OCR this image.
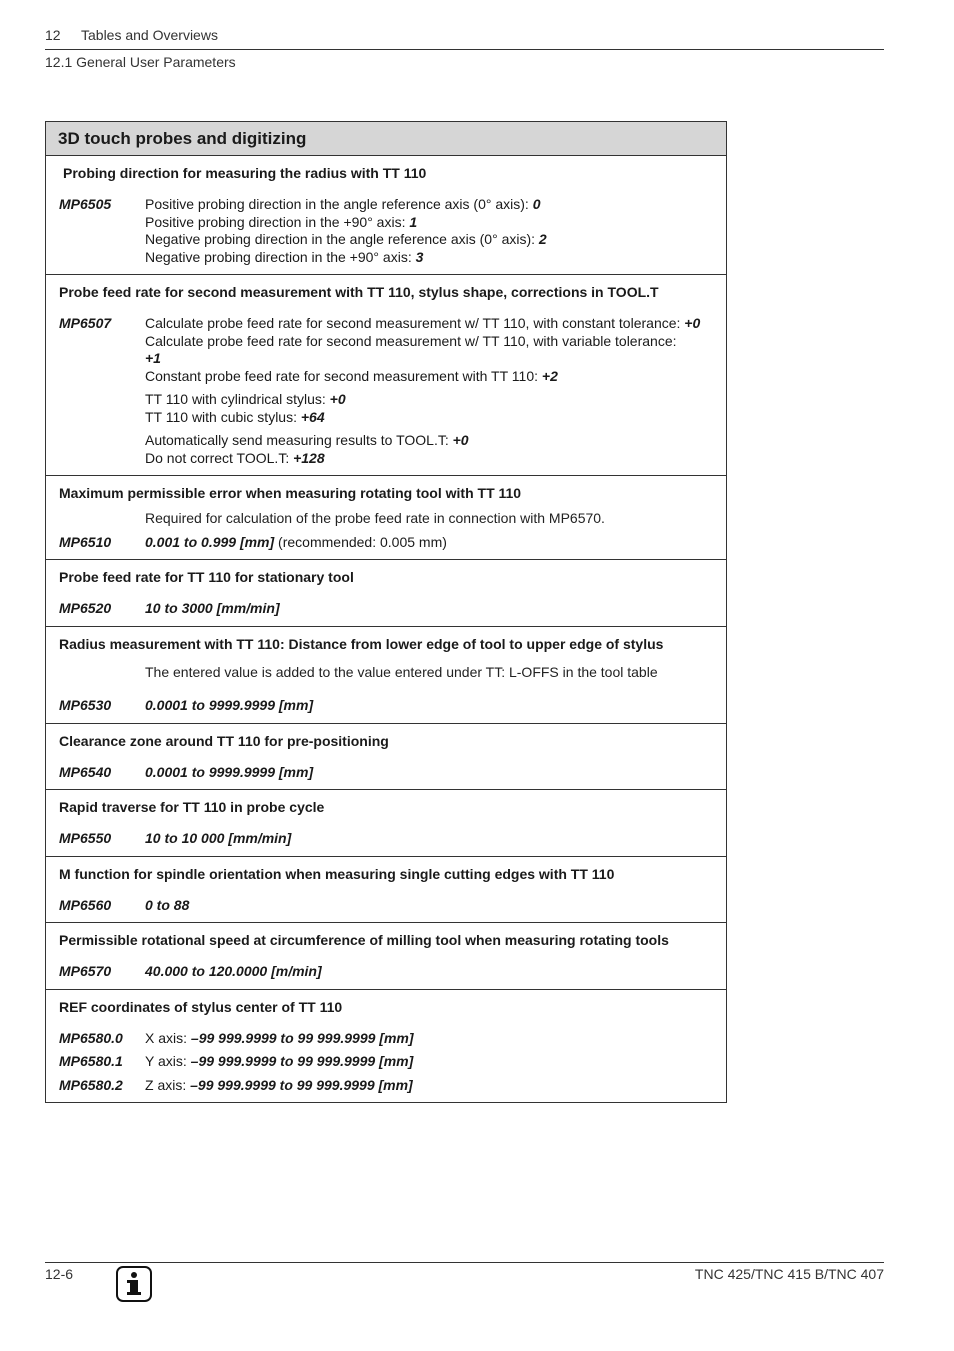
12 Tables and Overviews
12.1 General User Parameters
3D touch probes and digitizing
Probing direction for measuring the radius with TT 110
MP6505	Positive probing direction in the angle reference axis (0° axis): 0
Positive probing direction in the +90° axis: 1
Negative probing direction in the angle reference axis (0° axis): 2
Negative probing direction in the +90° axis: 3
Probe feed rate for second measurement with TT 110, stylus shape, corrections in TOOL.T
MP6507	Calculate probe feed rate for second measurement w/ TT 110, with constant tolerance: +0
Calculate probe feed rate for second measurement w/ TT 110, with variable tolerance:
+1
Constant probe feed rate for second measurement with TT 110: +2
TT 110 with cylindrical stylus: +0
TT 110 with cubic stylus: +64
Automatically send measuring results to TOOL.T: +0
Do not correct TOOL.T: +128
Maximum permissible error when measuring rotating tool with TT 110
Required for calculation of the probe feed rate in connection with MP6570.
MP6510	0.001 to 0.999 [mm] (recommended: 0.005 mm)
Probe feed rate for TT 110 for stationary tool
MP6520	10 to 3000 [mm/min]
Radius measurement with TT 110: Distance from lower edge of tool to upper edge of stylus
The entered value is added to the value entered under TT: L-OFFS in the tool table
MP6530	0.0001 to 9999.9999 [mm]
Clearance zone around TT 110 for pre-positioning
MP6540	0.0001 to 9999.9999 [mm]
Rapid traverse for TT 110 in probe cycle
MP6550	10 to 10 000 [mm/min]
M function for spindle orientation when measuring single cutting edges with TT 110
MP6560	0 to 88
Permissible rotational speed at circumference of milling tool when measuring rotating tools
MP6570	40.000 to 120.0000 [m/min]
REF coordinates of stylus center of TT 110
MP6580.0	X axis: –99 999.9999 to 99 999.9999 [mm]
MP6580.1	Y axis: –99 999.9999 to 99 999.9999 [mm]
MP6580.2	Z axis: –99 999.9999 to 99 999.9999 [mm]
12-6	TNC 425/TNC 415 B/TNC 407
